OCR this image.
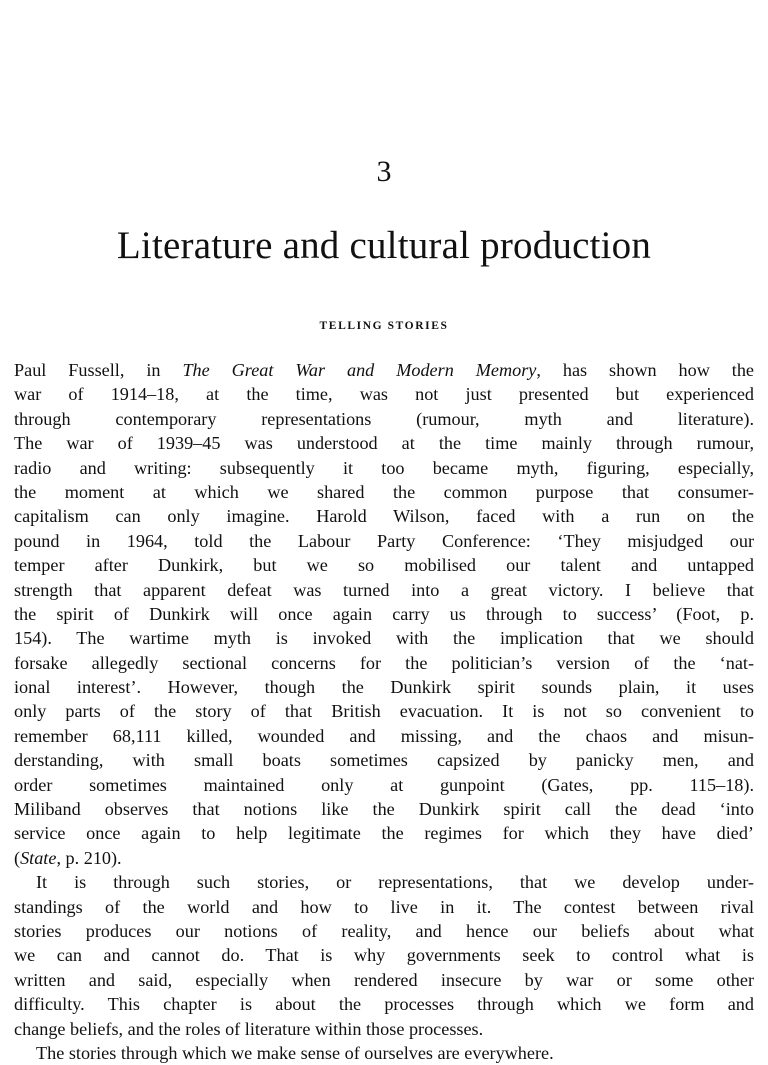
3
Literature and cultural production
TELLING STORIES
Paul Fussell, in The Great War and Modern Memory, has shown how the
war of 1914–18, at the time, was not just presented but experienced
through contemporary representations (rumour, myth and literature).
The war of 1939–45 was understood at the time mainly through rumour,
radio and writing: subsequently it too became myth, figuring, especially,
the moment at which we shared the common purpose that consumer-
capitalism can only imagine. Harold Wilson, faced with a run on the
pound in 1964, told the Labour Party Conference: ‘They misjudged our
temper after Dunkirk, but we so mobilised our talent and untapped
strength that apparent defeat was turned into a great victory. I believe that
the spirit of Dunkirk will once again carry us through to success’ (Foot, p.
154). The wartime myth is invoked with the implication that we should
forsake allegedly sectional concerns for the politician’s version of the ‘nat-
ional interest’. However, though the Dunkirk spirit sounds plain, it uses
only parts of the story of that British evacuation. It is not so convenient to
remember 68,111 killed, wounded and missing, and the chaos and misun-
derstanding, with small boats sometimes capsized by panicky men, and
order sometimes maintained only at gunpoint (Gates, pp. 115–18).
Miliband observes that notions like the Dunkirk spirit call the dead ‘into
service once again to help legitimate the regimes for which they have died’
(State, p. 210).
It is through such stories, or representations, that we develop under-
standings of the world and how to live in it. The contest between rival
stories produces our notions of reality, and hence our beliefs about what
we can and cannot do. That is why governments seek to control what is
written and said, especially when rendered insecure by war or some other
difficulty. This chapter is about the processes through which we form and
change beliefs, and the roles of literature within those processes.
The stories through which we make sense of ourselves are everywhere.
